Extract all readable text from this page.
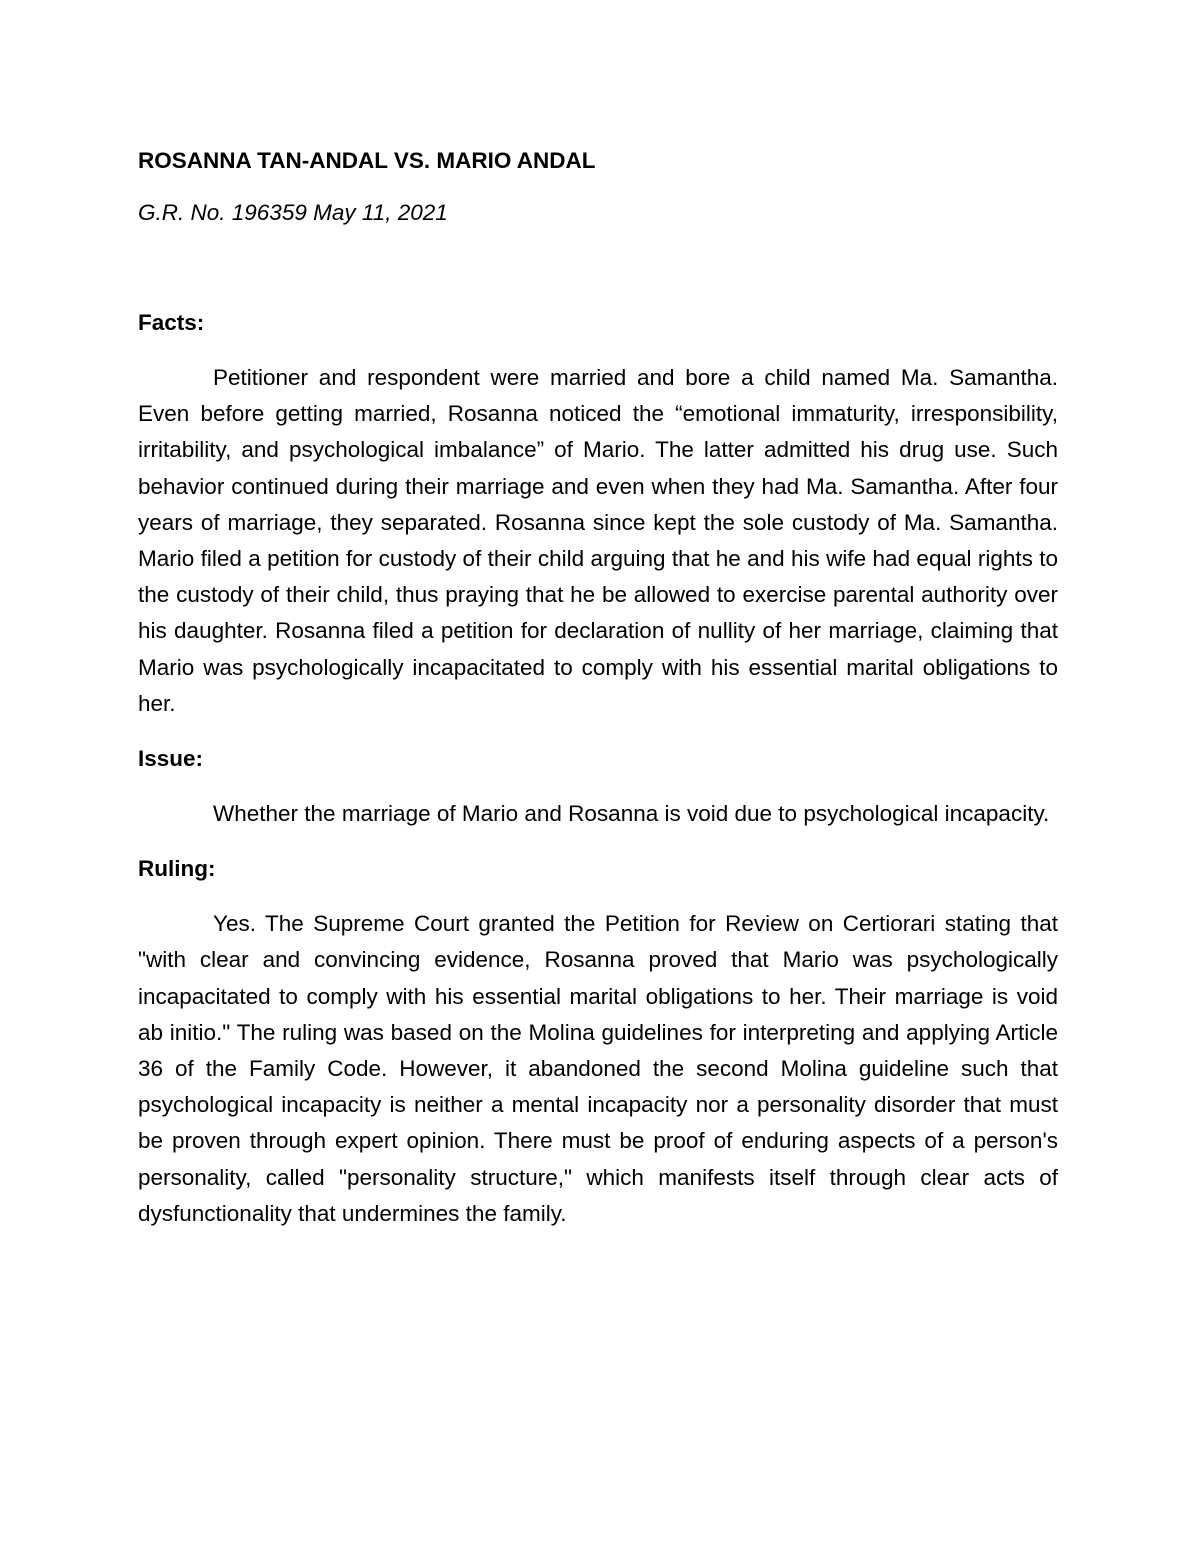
ROSANNA TAN-ANDAL VS. MARIO ANDAL

G.R. No. 196359 May 11, 2021

Facts:

Petitioner and respondent were married and bore a child named Ma. Samantha. Even before getting married, Rosanna noticed the “emotional immaturity, irresponsibility, irritability, and psychological imbalance” of Mario. The latter admitted his drug use. Such behavior continued during their marriage and even when they had Ma. Samantha. After four years of marriage, they separated. Rosanna since kept the sole custody of Ma. Samantha. Mario filed a petition for custody of their child arguing that he and his wife had equal rights to the custody of their child, thus praying that he be allowed to exercise parental authority over his daughter. Rosanna filed a petition for declaration of nullity of her marriage, claiming that Mario was psychologically incapacitated to comply with his essential marital obligations to her.

Issue:

Whether the marriage of Mario and Rosanna is void due to psychological incapacity.

Ruling:

Yes. The Supreme Court granted the Petition for Review on Certiorari stating that "with clear and convincing evidence, Rosanna proved that Mario was psychologically incapacitated to comply with his essential marital obligations to her. Their marriage is void ab initio." The ruling was based on the Molina guidelines for interpreting and applying Article 36 of the Family Code. However, it abandoned the second Molina guideline such that psychological incapacity is neither a mental incapacity nor a personality disorder that must be proven through expert opinion. There must be proof of enduring aspects of a person's personality, called "personality structure," which manifests itself through clear acts of dysfunctionality that undermines the family.
